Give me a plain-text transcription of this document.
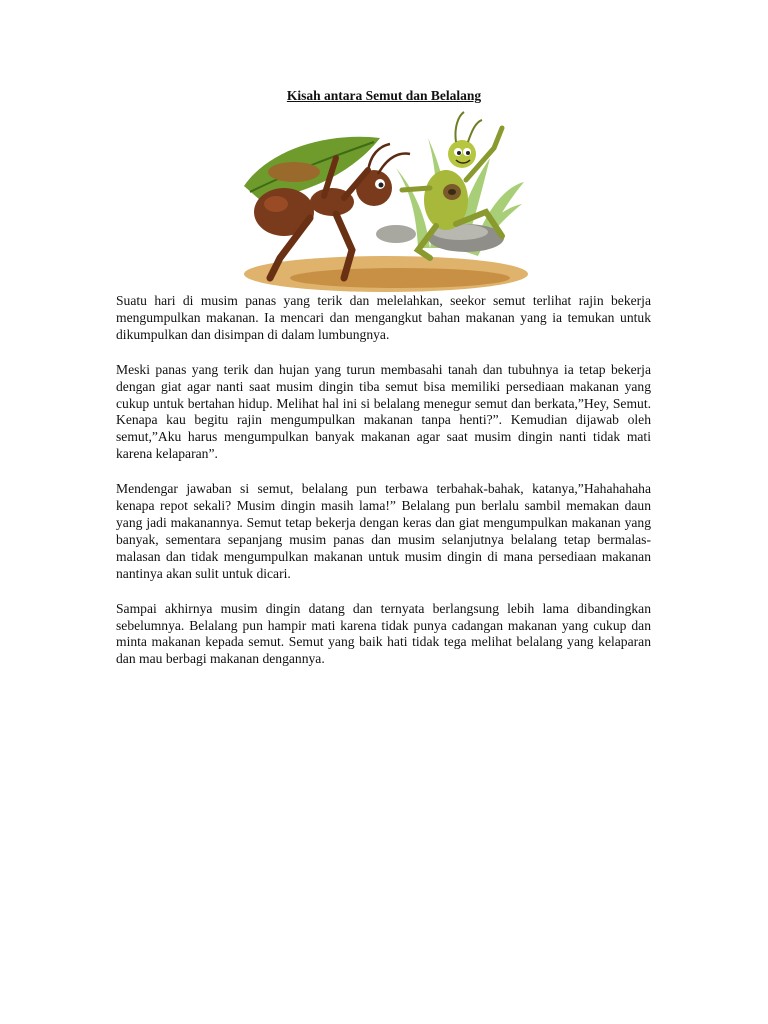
Kisah antara Semut dan Belalang

Suatu hari di musim panas yang terik dan melelahkan, seekor semut terlihat rajin bekerja mengumpulkan makanan. Ia mencari dan mengangkut bahan makanan yang ia temukan untuk dikumpulkan dan disimpan di dalam lumbungnya.

Meski panas yang terik dan hujan yang turun membasahi tanah dan tubuhnya ia tetap bekerja dengan giat agar nanti saat musim dingin tiba semut bisa memiliki persediaan makanan yang cukup untuk bertahan hidup. Melihat hal ini si belalang menegur semut dan berkata,”Hey, Semut. Kenapa kau begitu rajin mengumpulkan makanan tanpa henti?”. Kemudian dijawab oleh semut,”Aku harus mengumpulkan banyak makanan agar saat musim dingin nanti tidak mati karena kelaparan”.

Mendengar jawaban si semut, belalang pun terbawa terbahak-bahak, katanya,”Hahahahaha kenapa repot sekali? Musim dingin masih lama!” Belalang pun berlalu sambil memakan daun yang jadi makanannya. Semut tetap bekerja dengan keras dan giat mengumpulkan makanan yang banyak, sementara sepanjang musim panas dan musim selanjutnya belalang tetap bermalas-malasan dan tidak mengumpulkan makanan untuk musim dingin di mana persediaan makanan nantinya akan sulit untuk dicari.

Sampai akhirnya musim dingin datang dan ternyata berlangsung lebih lama dibandingkan sebelumnya. Belalang pun hampir mati karena tidak punya cadangan makanan yang cukup dan minta makanan kepada semut. Semut yang baik hati tidak tega melihat belalang yang kelaparan dan mau berbagi makanan dengannya.
